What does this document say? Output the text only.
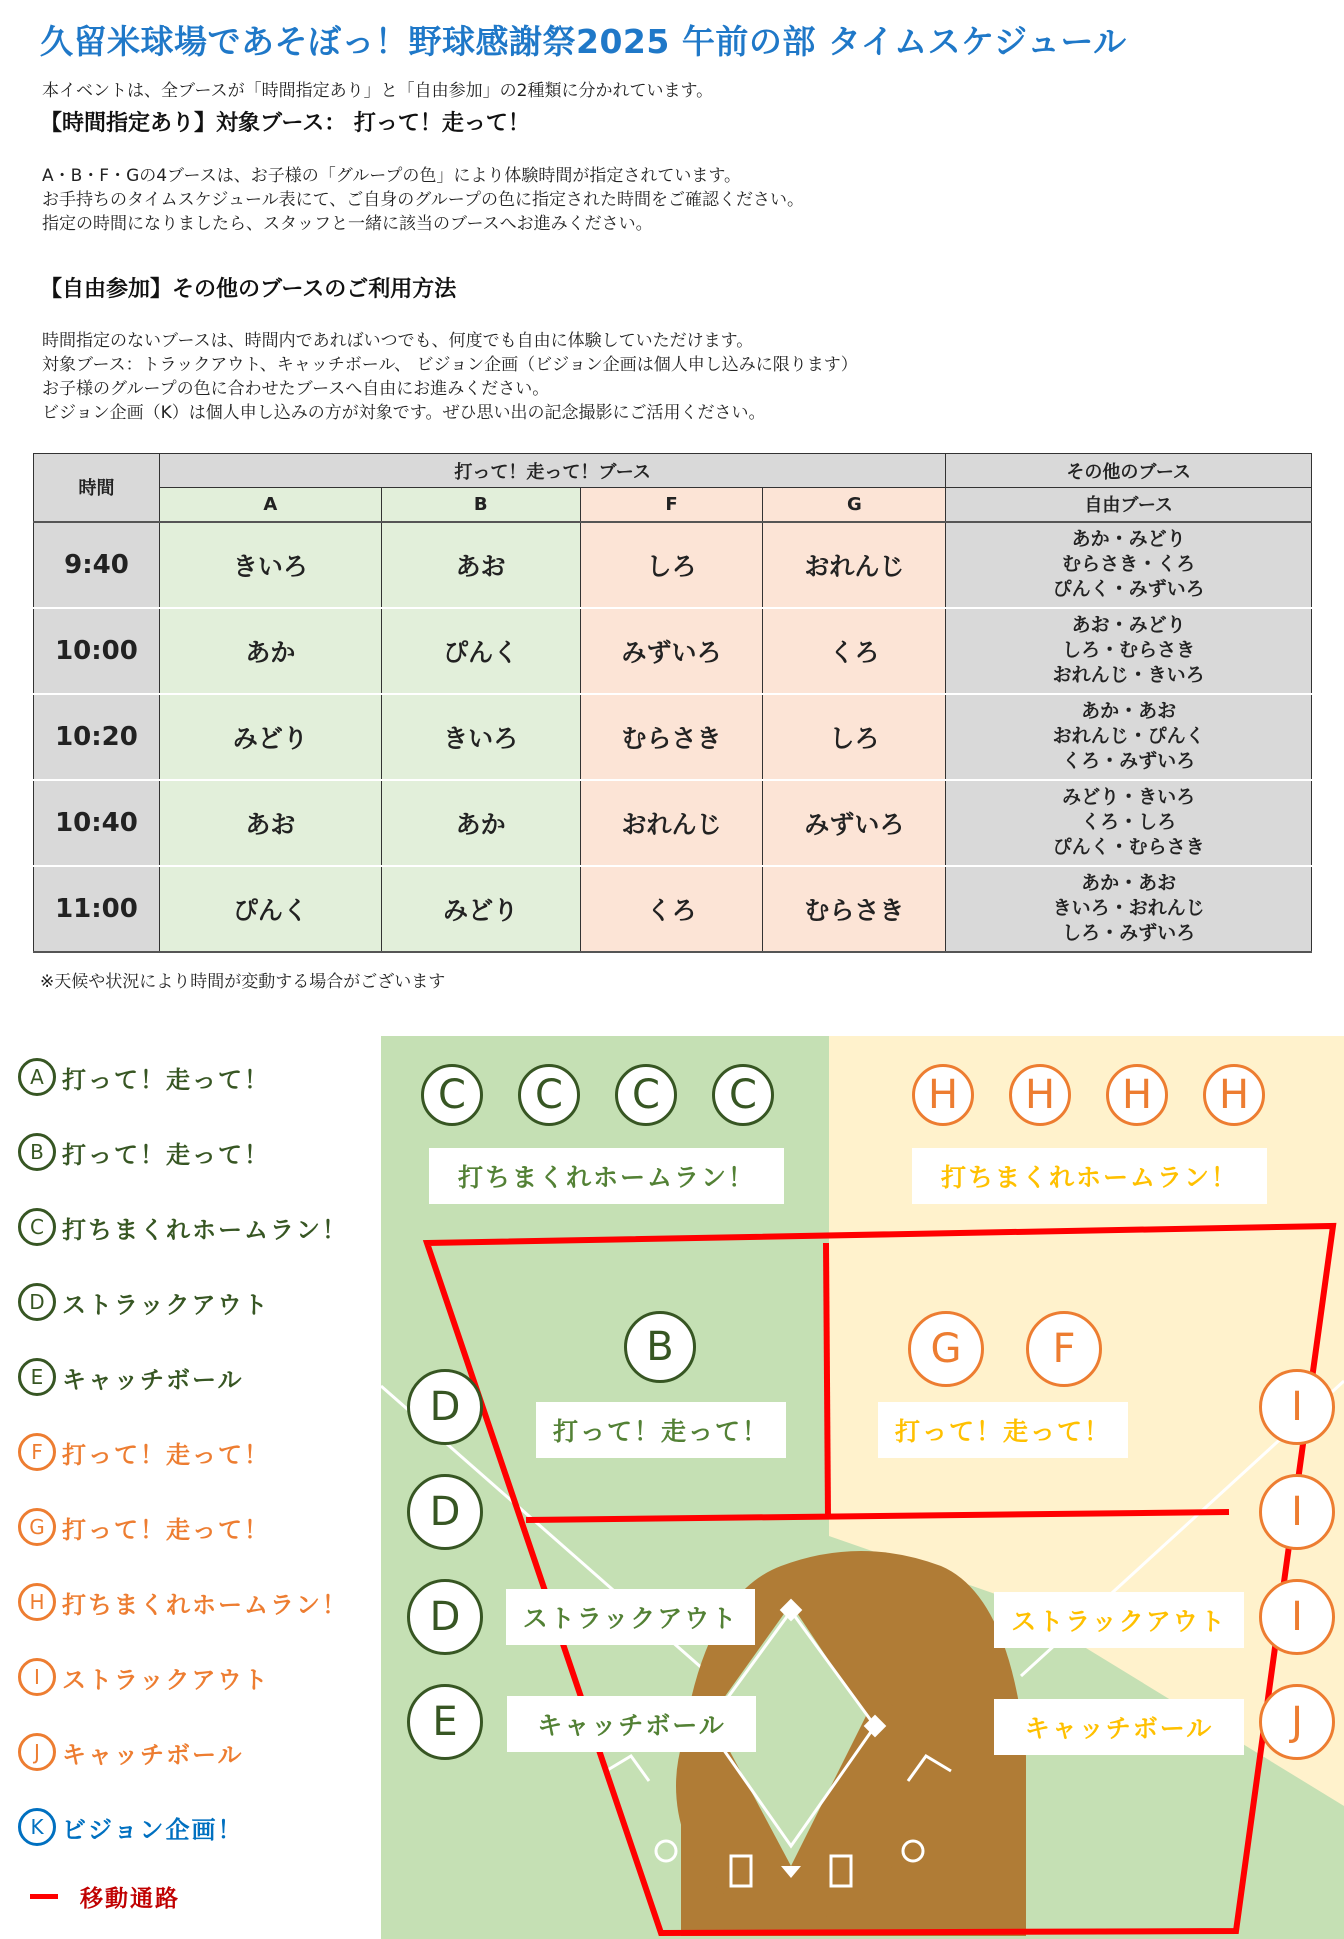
久留米球場であそぼっ！野球感謝祭2025 午前の部 タイムスケジュール
本イベントは、全ブースが「時間指定あり」と「自由参加」の2種類に分かれています。
【時間指定あり】対象ブース： 打って！走って！
A・B・F・Gの4ブースは、お子様の「グループの色」により体験時間が指定されています。
お手持ちのタイムスケジュール表にて、ご自身のグループの色に指定された時間をご確認ください。
指定の時間になりましたら、スタッフと一緒に該当のブースへお進みください。
【自由参加】その他のブースのご利用方法
時間指定のないブースは、時間内であればいつでも、何度でも自由に体験していただけます。
対象ブース：トラックアウト、キャッチボール、 ビジョン企画（ビジョン企画は個人申し込みに限ります）
お子様のグループの色に合わせたブースへ自由にお進みください。
ビジョン企画（K）は個人申し込みの方が対象です。ぜひ思い出の記念撮影にご活用ください。
時間	打って！走って！ブース				その他のブース
	A	B	F	G	自由ブース
9:40	きいろ	あお	しろ	おれんじ	あか・みどり
むらさき・くろ
ぴんく・みずいろ

10:00	あか	ぴんく	みずいろ	くろ	あお・みどり
しろ・むらさき
おれんじ・きいろ

10:20	みどり	きいろ	むらさき	しろ	あか・あお
おれんじ・ぴんく
くろ・みずいろ

10:40	あお	あか	おれんじ	みずいろ	みどり・きいろ
くろ・しろ
ぴんく・むらさき

11:00	ぴんく	みどり	くろ	むらさき	あか・あお
きいろ・おれんじ
しろ・みずいろ
※天候や状況により時間が変動する場合がございます
A 打って！走って！
B 打って！走って！
C 打ちまくれホームラン！
D ストラックアウト
E キャッチボール
F 打って！走って！
G 打って！走って！
H 打ちまくれホームラン！
I ストラックアウト
J キャッチボール
K ビジョン企画！
移動通路
C	C	C	C
打ちまくれホームラン！
H	H	H	H
打ちまくれホームラン！
B
打って！走って！
G	F
打って！走って！
D
D
D	ストラックアウト
E	キャッチボール
I
I
I
ストラックアウト
J
キャッチボール
